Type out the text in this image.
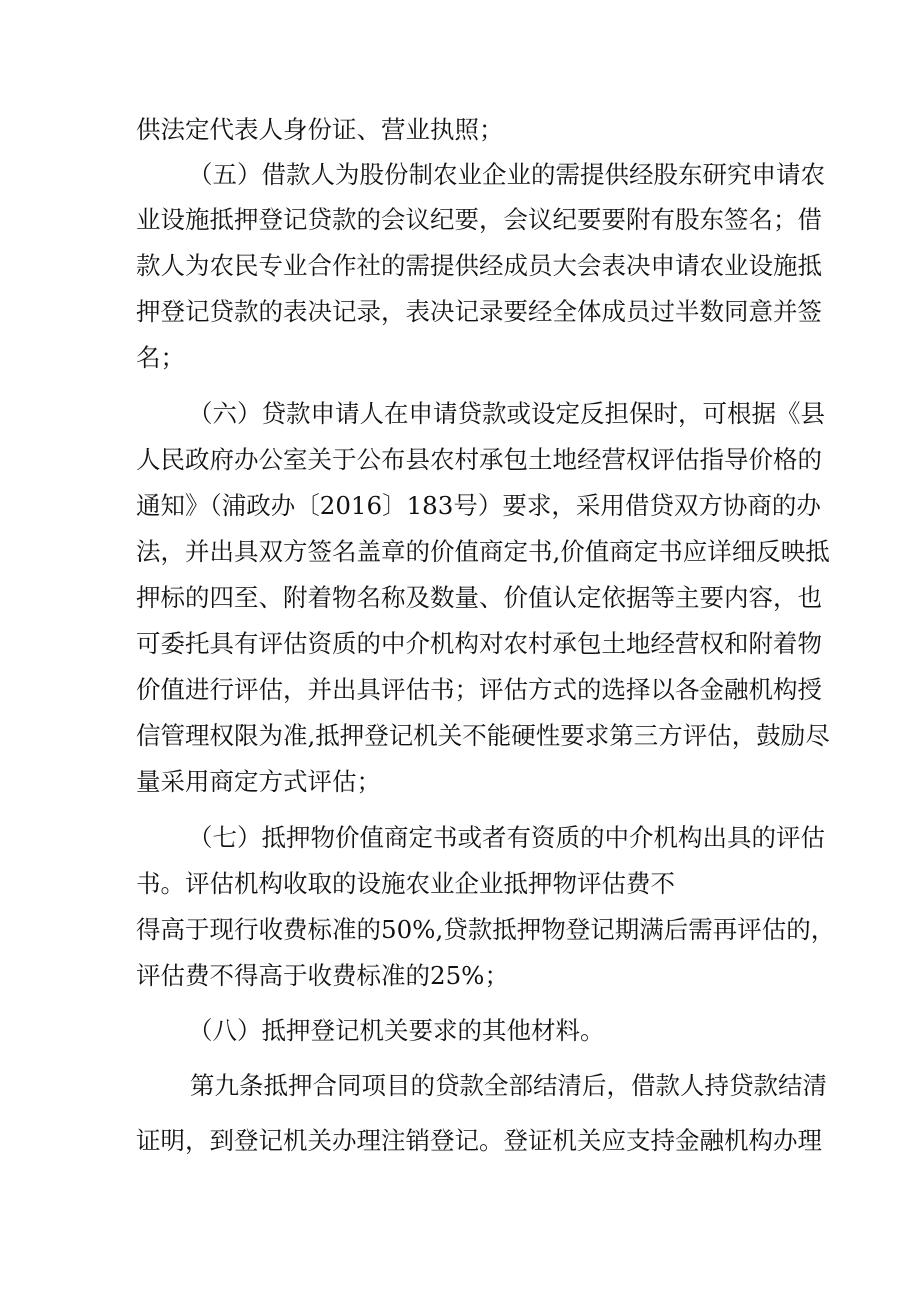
供法定代表人身份证、营业执照；
（五）借款人为股份制农业企业的需提供经股东研究申请农
业设施抵押登记贷款的会议纪要，会议纪要要附有股东签名；借
款人为农民专业合作社的需提供经成员大会表决申请农业设施抵
押登记贷款的表决记录，表决记录要经全体成员过半数同意并签
名；
（六）贷款申请人在申请贷款或设定反担保时，可根据《县
人民政府办公室关于公布县农村承包土地经营权评估指导价格的
通知》（浦政办〔2016〕183号）要求，采用借贷双方协商的办
法，并出具双方签名盖章的价值商定书,价值商定书应详细反映抵
押标的四至、附着物名称及数量、价值认定依据等主要内容，也
可委托具有评估资质的中介机构对农村承包土地经营权和附着物
价值进行评估，并出具评估书；评估方式的选择以各金融机构授
信管理权限为准,抵押登记机关不能硬性要求第三方评估，鼓励尽
量采用商定方式评估；
（七）抵押物价值商定书或者有资质的中介机构出具的评估
书。评估机构收取的设施农业企业抵押物评估费不
得高于现行收费标准的50%,贷款抵押物登记期满后需再评估的，
评估费不得高于收费标准的25%；
（八）抵押登记机关要求的其他材料。
第九条抵押合同项目的贷款全部结清后，借款人持贷款结清
证明，到登记机关办理注销登记。登证机关应支持金融机构办理
